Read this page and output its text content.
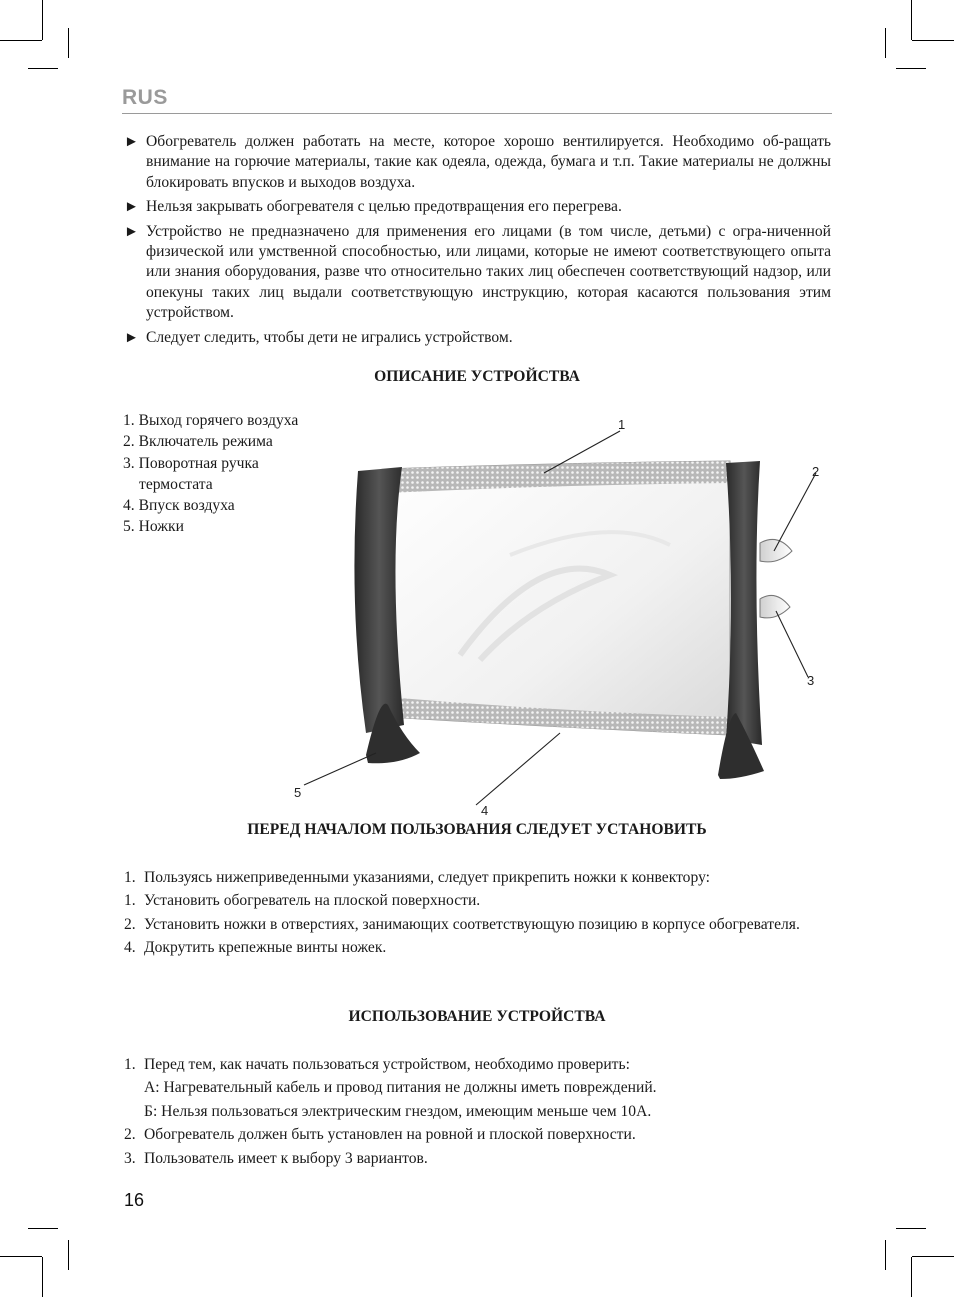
RUS
► Обогреватель должен работать на месте, которое хорошо вентилируется. Необходимо об-ращать внимание на горючие материалы, такие как одеяла, одежда, бумага и т.п. Такие материалы не должны блокировать впусков и выходов воздуха.
► Нельзя закрывать обогревателя с целью предотвращения его перегрева.
► Устройство не предназначено для применения его лицами (в том числе, детьми) с огра-ниченной физической или умственной способностью, или лицами, которые не имеют соответствующего опыта или знания оборудования, разве что относительно таких лиц обеспечен соответствующий надзор, или опекуны таких лиц выдали соответствующую инструкцию, которая касаются пользования этим устройством.
► Следует следить, чтобы дети не игрались устройством.
ОПИСАНИЕ УСТРОЙСТВА
1. Выход горячего воздуха
2. Включатель режима
3. Поворотная ручка
термостата
4. Впуск воздуха
5. Ножки
1
2
3
4
5
ПЕРЕД НАЧАЛОМ ПОЛЬЗОВАНИЯ СЛЕДУЕТ УСТАНОВИТЬ
1. Пользуясь нижеприведенными указаниями, следует прикрепить ножки к конвектору:
1. Установить обогреватель на плоской поверхности.
2. Установить ножки в отверстиях, занимающих соответствующую позицию в корпусе обогревателя.
4. Докрутить крепежные винты ножек.
ИСПОЛЬЗОВАНИЕ УСТРОЙСТВА
1. Перед тем, как начать пользоваться устройством, необходимо проверить:
А: Нагревательный кабель и провод питания не должны иметь повреждений.
Б: Нельзя пользоваться электрическим гнездом, имеющим меньше чем 10А.
2. Обогреватель должен быть установлен на ровной и плоской поверхности.
3. Пользователь имеет к выбору 3 вариантов.
16
